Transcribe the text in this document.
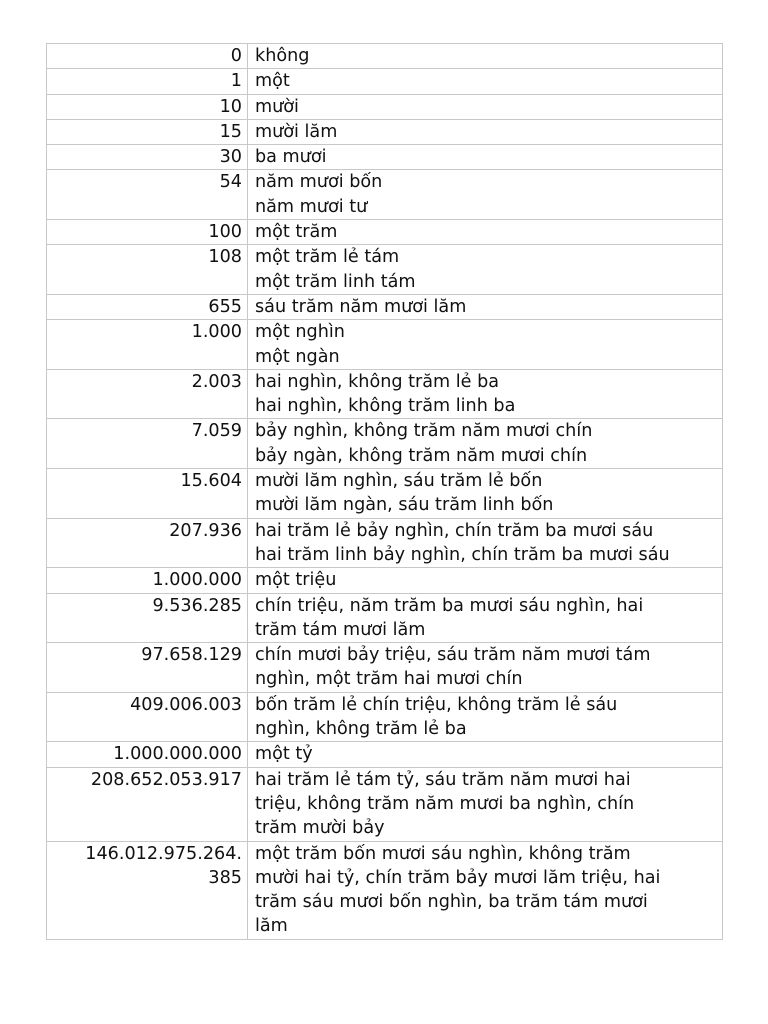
0	không

1	một

10	mười

15	mười lăm

30	ba mươi

54	năm mươi bốn
năm mươi tư

100	một trăm

108	một trăm lẻ tám
một trăm linh tám

655	sáu trăm năm mươi lăm

1.000	một nghìn
một ngàn

2.003	hai nghìn, không trăm lẻ ba
hai nghìn, không trăm linh ba

7.059	bảy nghìn, không trăm năm mươi chín
bảy ngàn, không trăm năm mươi chín

15.604	mười lăm nghìn, sáu trăm lẻ bốn
mười lăm ngàn, sáu trăm linh bốn

207.936	hai trăm lẻ bảy nghìn, chín trăm ba mươi sáu
hai trăm linh bảy nghìn, chín trăm ba mươi sáu

1.000.000	một triệu

9.536.285	chín triệu, năm trăm ba mươi sáu nghìn, hai
trăm tám mươi lăm

97.658.129	chín mươi bảy triệu, sáu trăm năm mươi tám
nghìn, một trăm hai mươi chín

409.006.003	bốn trăm lẻ chín triệu, không trăm lẻ sáu
nghìn, không trăm lẻ ba

1.000.000.000	một tỷ

208.652.053.917	hai trăm lẻ tám tỷ, sáu trăm năm mươi hai
triệu, không trăm năm mươi ba nghìn, chín
trăm mười bảy

146.012.975.264.
385	một trăm bốn mươi sáu nghìn, không trăm
mười hai tỷ, chín trăm bảy mươi lăm triệu, hai
trăm sáu mươi bốn nghìn, ba trăm tám mươi
lăm
